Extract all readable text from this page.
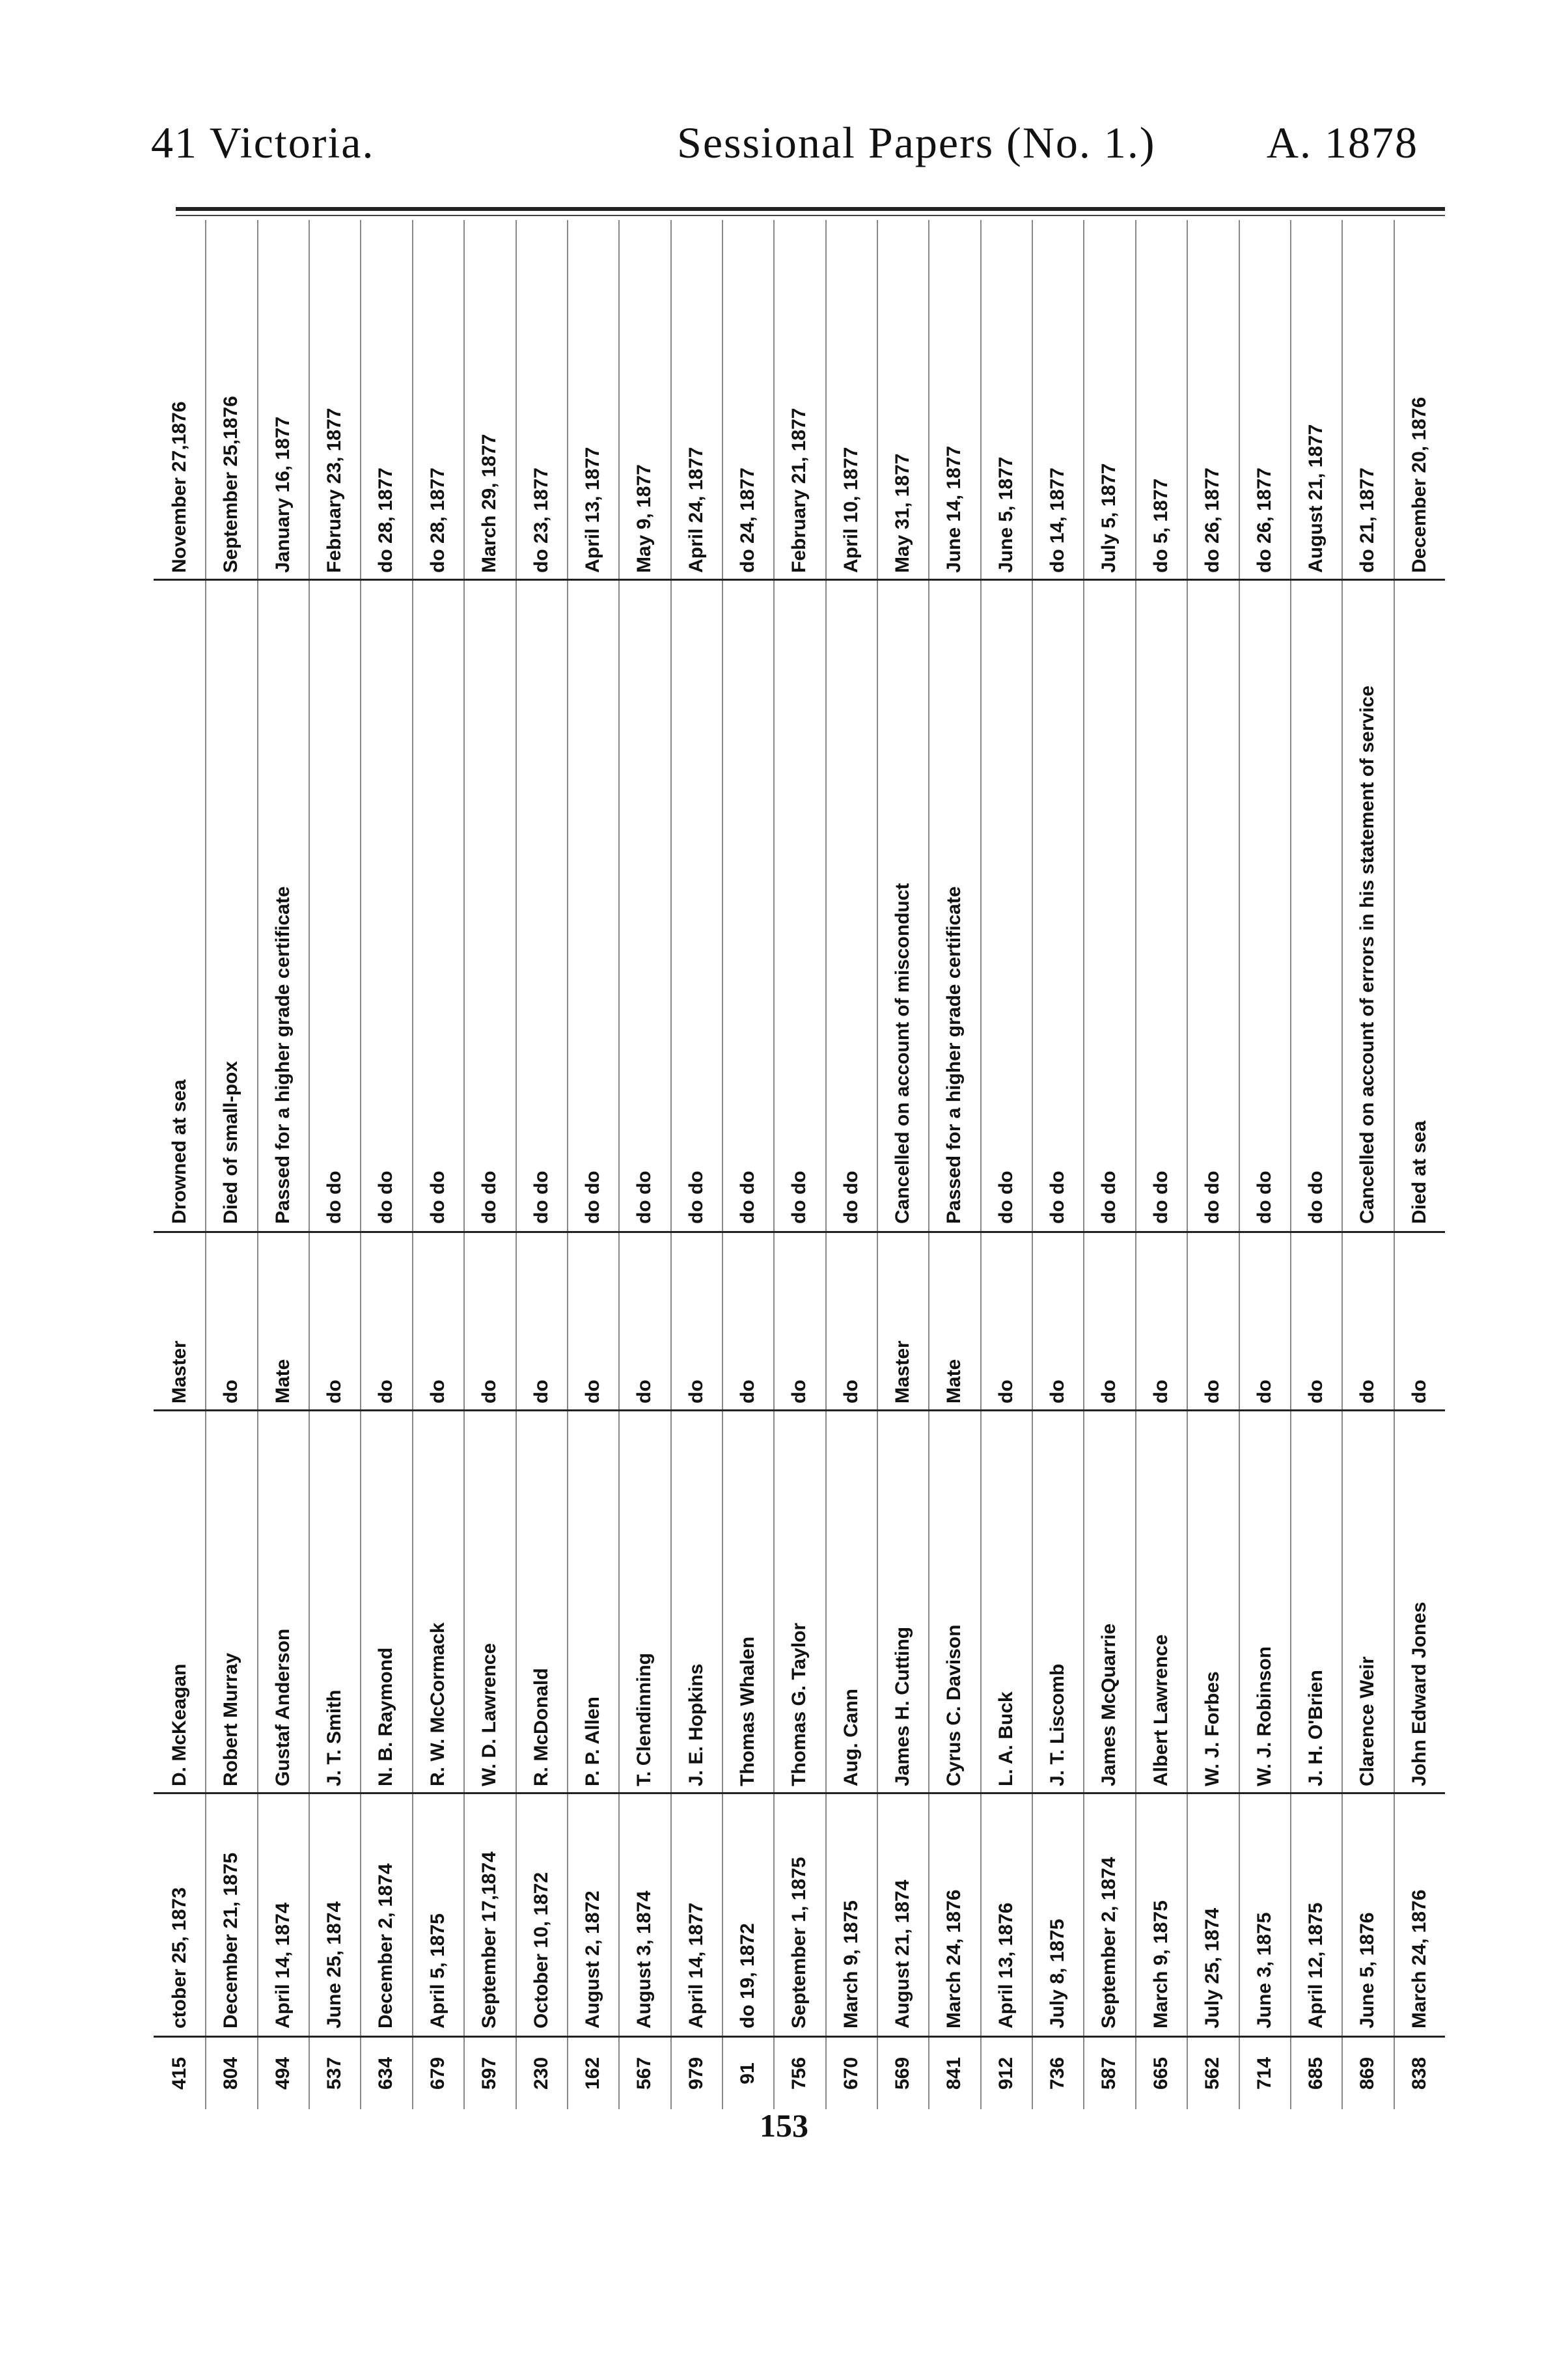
41 Victoria.	Sessional Papers (No. 1.)	A. 1878
415
ctober 25, 1873
D. McKeagan
Master
Drowned at sea
November 27,1876
804
December 21, 1875
Robert Murray
do
Died of small-pox
September 25,1876
494
April 14, 1874
Gustaf Anderson
Mate
Passed for a higher grade certificate
January 16, 1877
537
June 25, 1874
J. T. Smith
do
do do
February 23, 1877
634
December 2, 1874
N. B. Raymond
do
do do
do 28, 1877
679
April 5, 1875
R. W. McCormack
do
do do
do 28, 1877
597
September 17,1874
W. D. Lawrence
do
do do
March 29, 1877
230
October 10, 1872
R. McDonald
do
do do
do 23, 1877
162
August 2, 1872
P. P. Allen
do
do do
April 13, 1877
567
August 3, 1874
T. Clendinning
do
do do
May 9, 1877
979
April 14, 1877
J. E. Hopkins
do
do do
April 24, 1877
91
do 19, 1872
Thomas Whalen
do
do do
do 24, 1877
756
September 1, 1875
Thomas G. Taylor
do
do do
February 21, 1877
670
March 9, 1875
Aug. Cann
do
do do
April 10, 1877
569
August 21, 1874
James H. Cutting
Master
Cancelled on account of misconduct
May 31, 1877
841
March 24, 1876
Cyrus C. Davison
Mate
Passed for a higher grade certificate
June 14, 1877
912
April 13, 1876
L. A. Buck
do
do do
June 5, 1877
736
July 8, 1875
J. T. Liscomb
do
do do
do 14, 1877
587
September 2, 1874
James McQuarrie
do
do do
July 5, 1877
665
March 9, 1875
Albert Lawrence
do
do do
do 5, 1877
562
July 25, 1874
W. J. Forbes
do
do do
do 26, 1877
714
June 3, 1875
W. J. Robinson
do
do do
do 26, 1877
685
April 12, 1875
J. H. O'Brien
do
do do
August 21, 1877
869
June 5, 1876
Clarence Weir
do
Cancelled on account of errors in his statement of service
do 21, 1877
838
March 24, 1876
John Edward Jones
do
Died at sea
December 20, 1876
153
